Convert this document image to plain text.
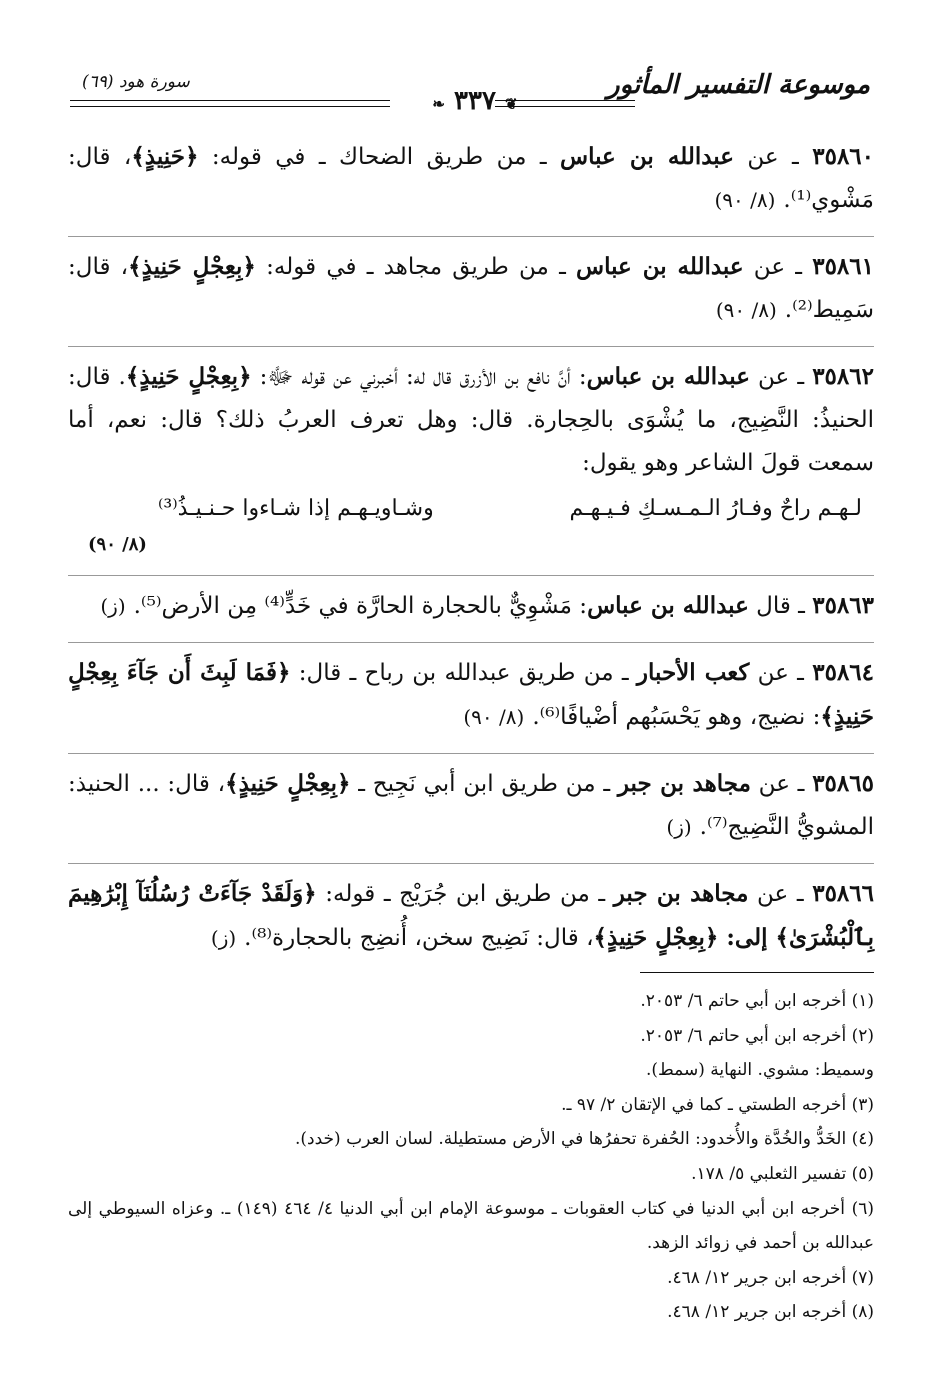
موسوعة التفسير المأثور
سورة هود (٦٩)
❦ ٣٣٧ ❧
٣٥٨٦٠ ـ عن عبدالله بن عباس ـ من طريق الضحاك ـ في قوله: ﴿حَنِيذٍ﴾، قال: مَشْوي⁽¹⁾.(٨/ ٩٠)
٣٥٨٦١ ـ عن عبدالله بن عباس ـ من طريق مجاهد ـ في قوله: ﴿بِعِجْلٍ حَنِيذٍ﴾، قال: سَمِيط⁽²⁾.(٨/ ٩٠)
٣٥٨٦٢ ـ عن عبدالله بن عباس: أنَّ نافع بن الأزرق قال له: أخبرني عن قوله ﷻ: ﴿بِعِجْلٍ حَنِيذٍ﴾. قال: الحنيذُ: النَّضِيج، ما يُشْوَى بالحِجارة. قال: وهل تعرف العربُ ذلك؟ قال: نعم، أما سمعت قولَ الشاعر وهو يقول:
لـهـم راحٌ وفـارُ الـمـسـكِ فـيـهـم
وشـاويـهـم إذا شـاءوا حـنـيـذُ⁽³⁾
(٨/ ٩٠)
٣٥٨٦٣ ـ قال عبدالله بن عباس: مَشْوِيٌّ بالحجارة الحارَّة في خَدٍّ⁽⁴⁾ مِن الأرض⁽⁵⁾.(ز)
٣٥٨٦٤ ـ عن كعب الأحبار ـ من طريق عبدالله بن رباح ـ قال: ﴿فَمَا لَبِثَ أَن جَآءَ بِعِجْلٍ حَنِيذٍ﴾: نضيج، وهو يَحْسَبُهم أضْيافًا⁽⁶⁾.(٨/ ٩٠)
٣٥٨٦٥ ـ عن مجاهد بن جبر ـ من طريق ابن أبي نَجِيح ـ ﴿بِعِجْلٍ حَنِيذٍ﴾، قال: ... الحنيذ: المشويُّ النَّضِيج⁽⁷⁾.(ز)
٣٥٨٦٦ ـ عن مجاهد بن جبر ـ من طريق ابن جُرَيْج ـ قوله: ﴿وَلَقَدْ جَآءَتْ رُسُلُنَآ إِبْرَٰهِيمَ بِٱلْبُشْرَىٰ﴾ إلى: ﴿بِعِجْلٍ حَنِيذٍ﴾، قال: نَضِيج سخن، أُنضِج بالحجارة⁽⁸⁾.(ز)
(١) أخرجه ابن أبي حاتم ٦/ ٢٠٥٣.
(٢) أخرجه ابن أبي حاتم ٦/ ٢٠٥٣.
وسميط: مشوي. النهاية (سمط).
(٣) أخرجه الطستي ـ كما في الإتقان ٢/ ٩٧ ـ.
(٤) الخَدُّ والخُدَّة والأُخدود: الحُفرة تحفرُها في الأرض مستطيلة. لسان العرب (خدد).
(٥) تفسير الثعلبي ٥/ ١٧٨.
(٦) أخرجه ابن أبي الدنيا في كتاب العقوبات ـ موسوعة الإمام ابن أبي الدنيا ٤/ ٤٦٤ (١٤٩) ـ. وعزاه السيوطي إلى عبدالله بن أحمد في زوائد الزهد.
(٧) أخرجه ابن جرير ١٢/ ٤٦٨.
(٨) أخرجه ابن جرير ١٢/ ٤٦٨.
